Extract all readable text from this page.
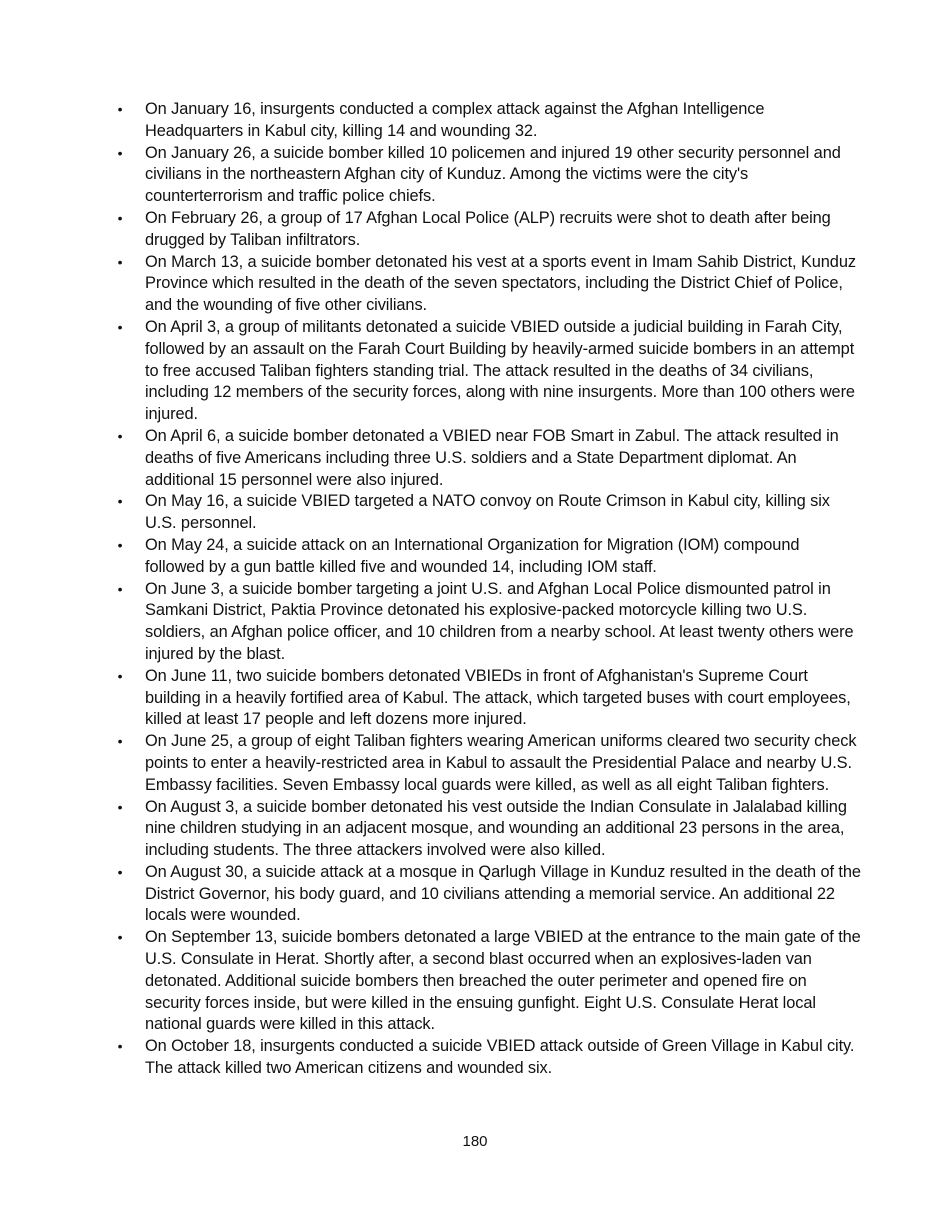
• On January 16, insurgents conducted a complex attack against the Afghan Intelligence Headquarters in Kabul city, killing 14 and wounding 32.
• On January 26, a suicide bomber killed 10 policemen and injured 19 other security personnel and civilians in the northeastern Afghan city of Kunduz. Among the victims were the city's counterterrorism and traffic police chiefs.
• On February 26, a group of 17 Afghan Local Police (ALP) recruits were shot to death after being drugged by Taliban infiltrators.
• On March 13, a suicide bomber detonated his vest at a sports event in Imam Sahib District, Kunduz Province which resulted in the death of the seven spectators, including the District Chief of Police, and the wounding of five other civilians.
• On April 3, a group of militants detonated a suicide VBIED outside a judicial building in Farah City, followed by an assault on the Farah Court Building by heavily-armed suicide bombers in an attempt to free accused Taliban fighters standing trial. The attack resulted in the deaths of 34 civilians, including 12 members of the security forces, along with nine insurgents. More than 100 others were injured.
• On April 6, a suicide bomber detonated a VBIED near FOB Smart in Zabul. The attack resulted in deaths of five Americans including three U.S. soldiers and a State Department diplomat. An additional 15 personnel were also injured.
• On May 16, a suicide VBIED targeted a NATO convoy on Route Crimson in Kabul city, killing six U.S. personnel.
• On May 24, a suicide attack on an International Organization for Migration (IOM) compound followed by a gun battle killed five and wounded 14, including IOM staff.
• On June 3, a suicide bomber targeting a joint U.S. and Afghan Local Police dismounted patrol in Samkani District, Paktia Province detonated his explosive-packed motorcycle killing two U.S. soldiers, an Afghan police officer, and 10 children from a nearby school. At least twenty others were injured by the blast.
• On June 11, two suicide bombers detonated VBIEDs in front of Afghanistan's Supreme Court building in a heavily fortified area of Kabul. The attack, which targeted buses with court employees, killed at least 17 people and left dozens more injured.
• On June 25, a group of eight Taliban fighters wearing American uniforms cleared two security check points to enter a heavily-restricted area in Kabul to assault the Presidential Palace and nearby U.S. Embassy facilities. Seven Embassy local guards were killed, as well as all eight Taliban fighters.
• On August 3, a suicide bomber detonated his vest outside the Indian Consulate in Jalalabad killing nine children studying in an adjacent mosque, and wounding an additional 23 persons in the area, including students. The three attackers involved were also killed.
• On August 30, a suicide attack at a mosque in Qarlugh Village in Kunduz resulted in the death of the District Governor, his body guard, and 10 civilians attending a memorial service. An additional 22 locals were wounded.
• On September 13, suicide bombers detonated a large VBIED at the entrance to the main gate of the U.S. Consulate in Herat. Shortly after, a second blast occurred when an explosives-laden van detonated. Additional suicide bombers then breached the outer perimeter and opened fire on security forces inside, but were killed in the ensuing gunfight. Eight U.S. Consulate Herat local national guards were killed in this attack.
• On October 18, insurgents conducted a suicide VBIED attack outside of Green Village in Kabul city. The attack killed two American citizens and wounded six.
180
